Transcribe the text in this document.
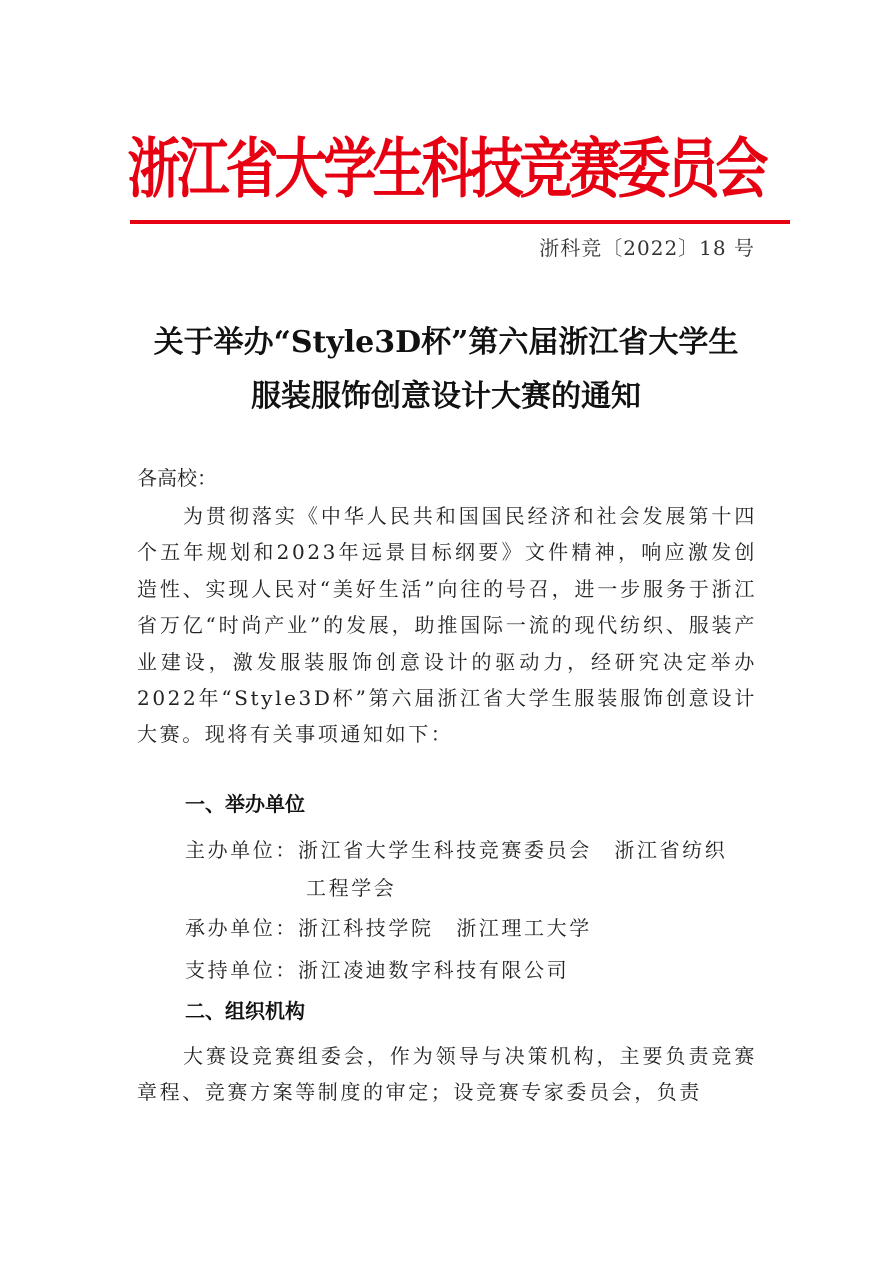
浙江省大学生科技竞赛委员会
浙科竞〔2022〕18 号
关于举办“Style3D杯”第六届浙江省大学生
服装服饰创意设计大赛的通知
各高校：

为贯彻落实《中华人民共和国国民经济和社会发展第十四个五年规划和2023年远景目标纲要》文件精神，响应激发创造性、实现人民对“美好生活”向往的号召，进一步服务于浙江省万亿“时尚产业”的发展，助推国际一流的现代纺织、服装产业建设，激发服装服饰创意设计的驱动力，经研究决定举办2022年“Style3D杯”第六届浙江省大学生服装服饰创意设计大赛。现将有关事项通知如下：

一、举办单位
主办单位：浙江省大学生科技竞赛委员会　浙江省纺织
工程学会
承办单位：浙江科技学院　浙江理工大学
支持单位：浙江凌迪数字科技有限公司
二、组织机构

大赛设竞赛组委会，作为领导与决策机构，主要负责竞赛章程、竞赛方案等制度的审定；设竞赛专家委员会，负责
